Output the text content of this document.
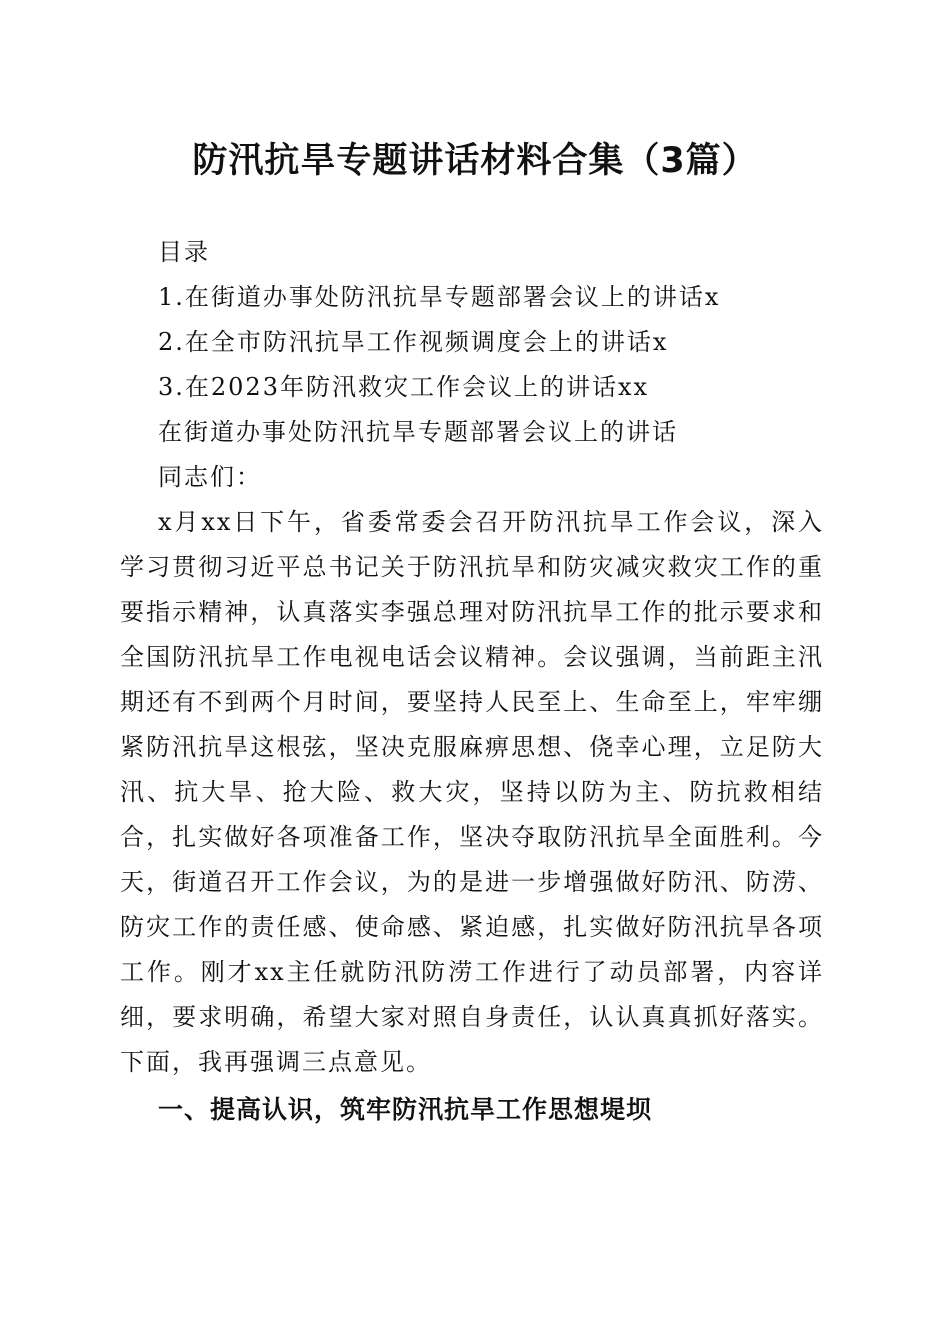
防汛抗旱专题讲话材料合集（3篇）
目录
1.在街道办事处防汛抗旱专题部署会议上的讲话x
2.在全市防汛抗旱工作视频调度会上的讲话x
3.在2023年防汛救灾工作会议上的讲话xx
在街道办事处防汛抗旱专题部署会议上的讲话
同志们：

x月xx日下午，省委常委会召开防汛抗旱工作会议，深入学习贯彻习近平总书记关于防汛抗旱和防灾减灾救灾工作的重要指示精神，认真落实李强总理对防汛抗旱工作的批示要求和全国防汛抗旱工作电视电话会议精神。会议强调，当前距主汛期还有不到两个月时间，要坚持人民至上、生命至上，牢牢绷紧防汛抗旱这根弦，坚决克服麻痹思想、侥幸心理，立足防大汛、抗大旱、抢大险、救大灾，坚持以防为主、防抗救相结合，扎实做好各项准备工作，坚决夺取防汛抗旱全面胜利。今天，街道召开工作会议，为的是进一步增强做好防汛、防涝、防灾工作的责任感、使命感、紧迫感，扎实做好防汛抗旱各项工作。刚才xx主任就防汛防涝工作进行了动员部署，内容详细，要求明确，希望大家对照自身责任，认认真真抓好落实。下面，我再强调三点意见。

一、提高认识，筑牢防汛抗旱工作思想堤坝
